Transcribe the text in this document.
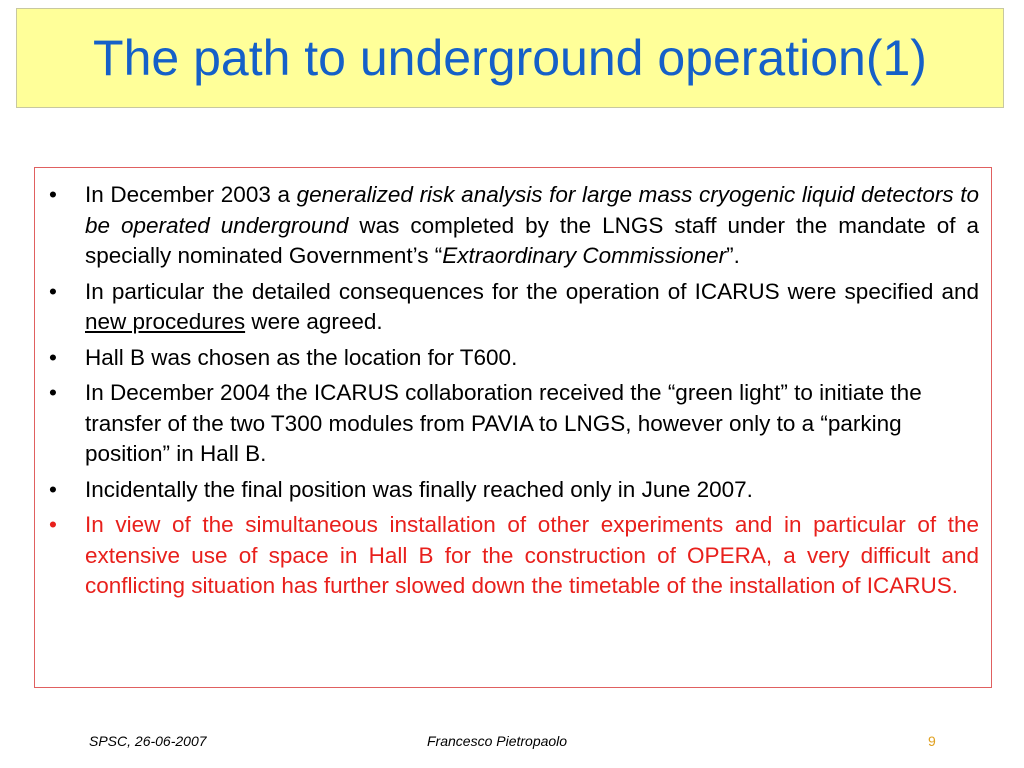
The path to underground operation(1)
• In December 2003 a generalized risk analysis for large mass cryogenic liquid detectors to be operated underground was completed by the LNGS staff under the mandate of a specially nominated Government’s “Extraordinary Commissioner”.
• In particular the detailed consequences for the operation of ICARUS were specified and new procedures were agreed.
• Hall B was chosen as the location for T600.
• In December 2004 the ICARUS collaboration received the “green light” to initiate the transfer of the two T300 modules from PAVIA to LNGS, however only to a “parking position” in Hall B.
• Incidentally the final position was finally reached only in June 2007.
• In view of the simultaneous installation of other experiments and in particular of the extensive use of space in Hall B for the construction of OPERA, a very difficult and conflicting situation has further slowed down the timetable of the installation of ICARUS.
SPSC, 26-06-2007	Francesco Pietropaolo	9
